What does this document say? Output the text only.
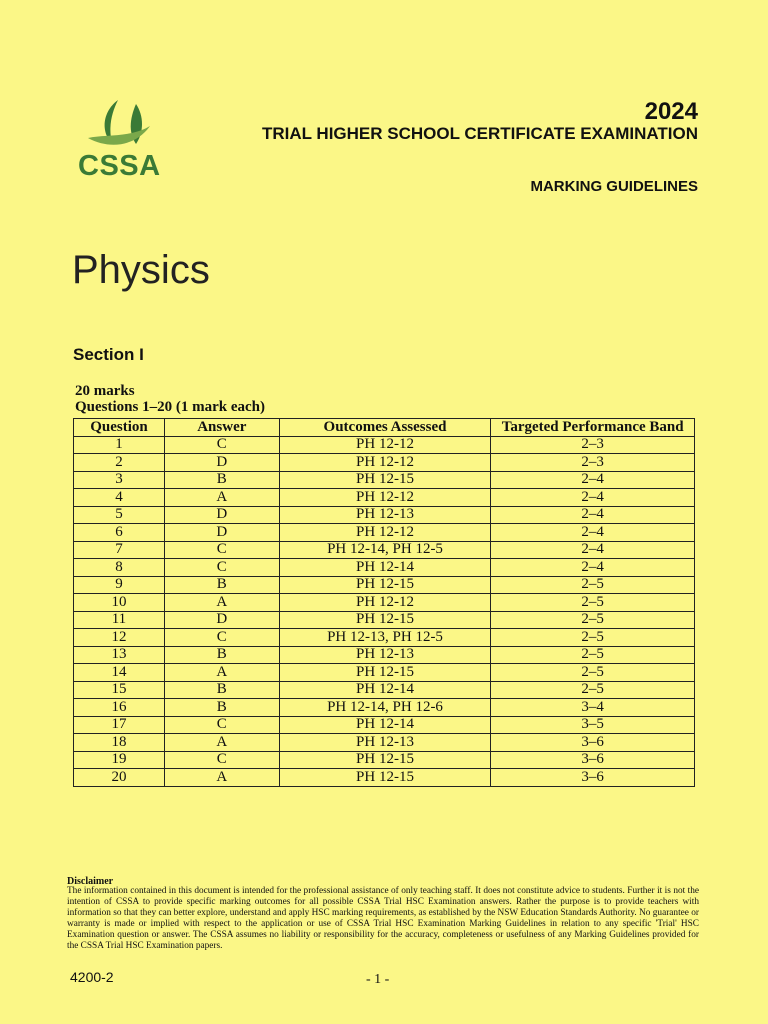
CSSA
2024
TRIAL HIGHER SCHOOL CERTIFICATE EXAMINATION
MARKING GUIDELINES
Physics
Section I
20 marks
Questions 1–20 (1 mark each)
Question	Answer	Outcomes Assessed	Targeted Performance Band
1	C	PH 12-12	2–3
2	D	PH 12-12	2–3
3	B	PH 12-15	2–4
4	A	PH 12-12	2–4
5	D	PH 12-13	2–4
6	D	PH 12-12	2–4
7	C	PH 12-14, PH 12-5	2–4
8	C	PH 12-14	2–4
9	B	PH 12-15	2–5
10	A	PH 12-12	2–5
11	D	PH 12-15	2–5
12	C	PH 12-13, PH 12-5	2–5
13	B	PH 12-13	2–5
14	A	PH 12-15	2–5
15	B	PH 12-14	2–5
16	B	PH 12-14, PH 12-6	3–4
17	C	PH 12-14	3–5
18	A	PH 12-13	3–6
19	C	PH 12-15	3–6
20	A	PH 12-15	3–6
Disclaimer
The information contained in this document is intended for the professional assistance of only teaching staff. It does not constitute advice to students. Further it is not the intention of CSSA to provide specific marking outcomes for all possible CSSA Trial HSC Examination answers. Rather the purpose is to provide teachers with information so that they can better explore, understand and apply HSC marking requirements, as established by the NSW Education Standards Authority. No guarantee or warranty is made or implied with respect to the application or use of CSSA Trial HSC Examination Marking Guidelines in relation to any specific 'Trial' HSC Examination question or answer. The CSSA assumes no liability or responsibility for the accuracy, completeness or usefulness of any Marking Guidelines provided for the CSSA Trial HSC Examination papers.
4200-2	- 1 -
